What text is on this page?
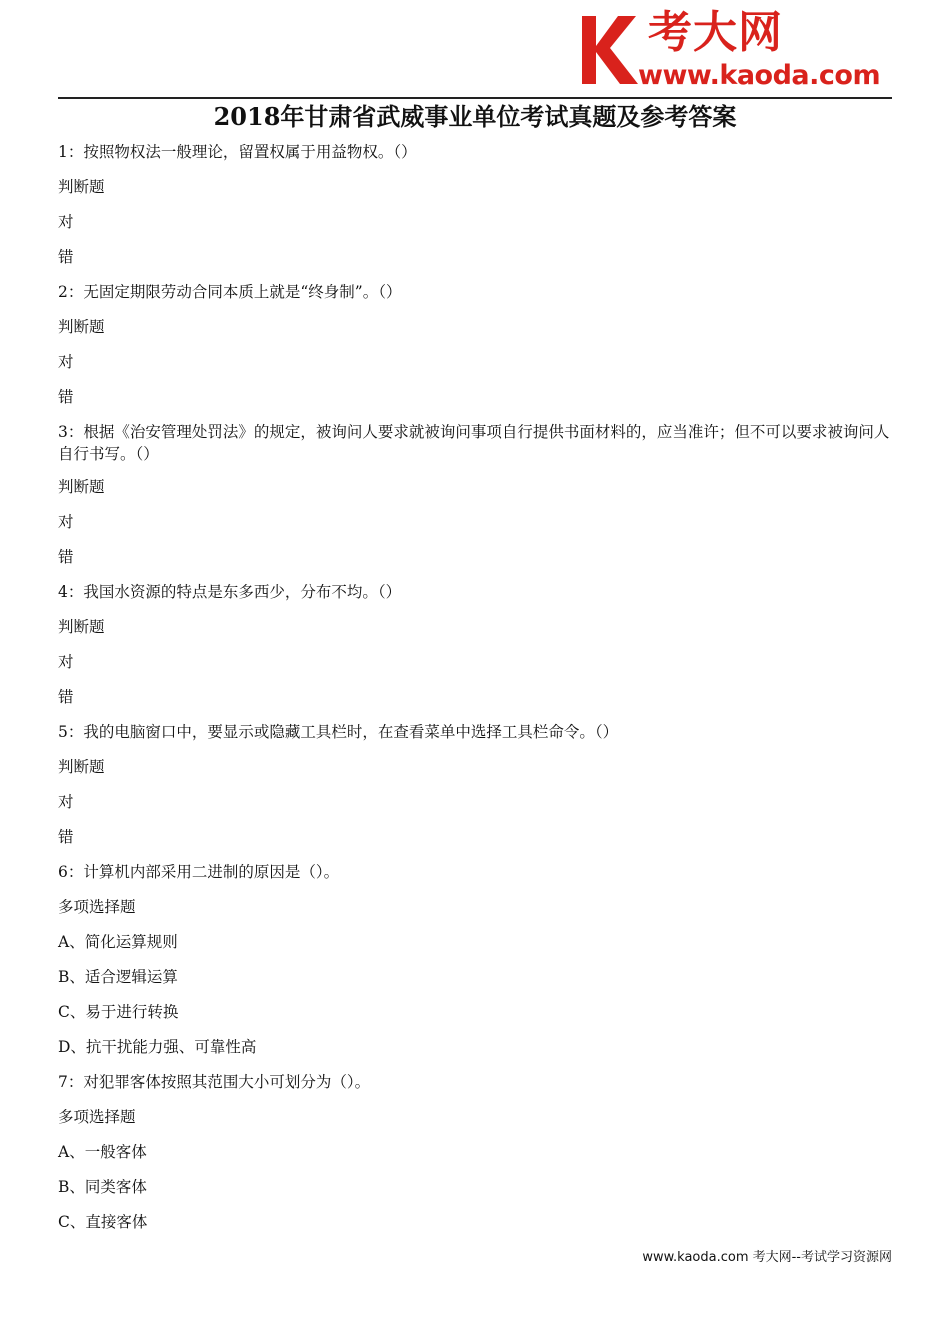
考大网
www.kaoda.com
2018年甘肃省武威事业单位考试真题及参考答案

1：按照物权法一般理论，留置权属于用益物权。（）

判断题

对

错

2：无固定期限劳动合同本质上就是“终身制”。（）

判断题

对

错

3：根据《治安管理处罚法》的规定，被询问人要求就被询问事项自行提供书面材料的，应当准许；但不可以要求被询问人自行书写。（）

判断题

对

错

4：我国水资源的特点是东多西少，分布不均。（）

判断题

对

错

5：我的电脑窗口中，要显示或隐藏工具栏时，在查看菜单中选择工具栏命令。（）

判断题

对

错

6：计算机内部采用二进制的原因是（）。

多项选择题

A、简化运算规则

B、适合逻辑运算

C、易于进行转换

D、抗干扰能力强、可靠性高

7：对犯罪客体按照其范围大小可划分为（）。

多项选择题

A、一般客体

B、同类客体

C、直接客体

www.kaoda.com 考大网--考试学习资源网
